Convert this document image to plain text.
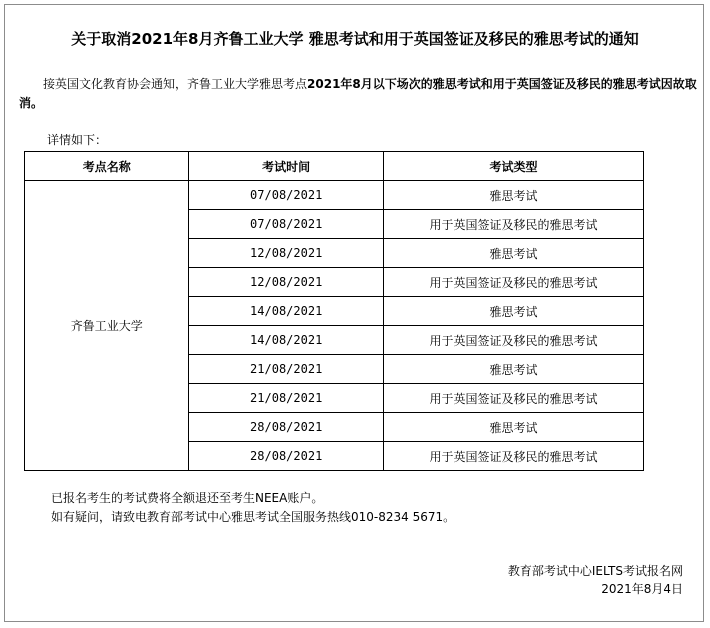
关于取消2021年8月齐鲁工业大学 雅思考试和用于英国签证及移民的雅思考试的通知
接英国文化教育协会通知，齐鲁工业大学雅思考点2021年8月以下场次的雅思考试和用于英国签证及移民的雅思考试因故取消。
详情如下：
考点名称	考试时间	考试类型
齐鲁工业大学	07/08/2021	雅思考试
	07/08/2021	用于英国签证及移民的雅思考试
	12/08/2021	雅思考试
	12/08/2021	用于英国签证及移民的雅思考试
	14/08/2021	雅思考试
	14/08/2021	用于英国签证及移民的雅思考试
	21/08/2021	雅思考试
	21/08/2021	用于英国签证及移民的雅思考试
	28/08/2021	雅思考试
	28/08/2021	用于英国签证及移民的雅思考试
已报名考生的考试费将全额退还至考生NEEA账户。
如有疑问，请致电教育部考试中心雅思考试全国服务热线010-8234 5671。
教育部考试中心IELTS考试报名网
2021年8月4日
